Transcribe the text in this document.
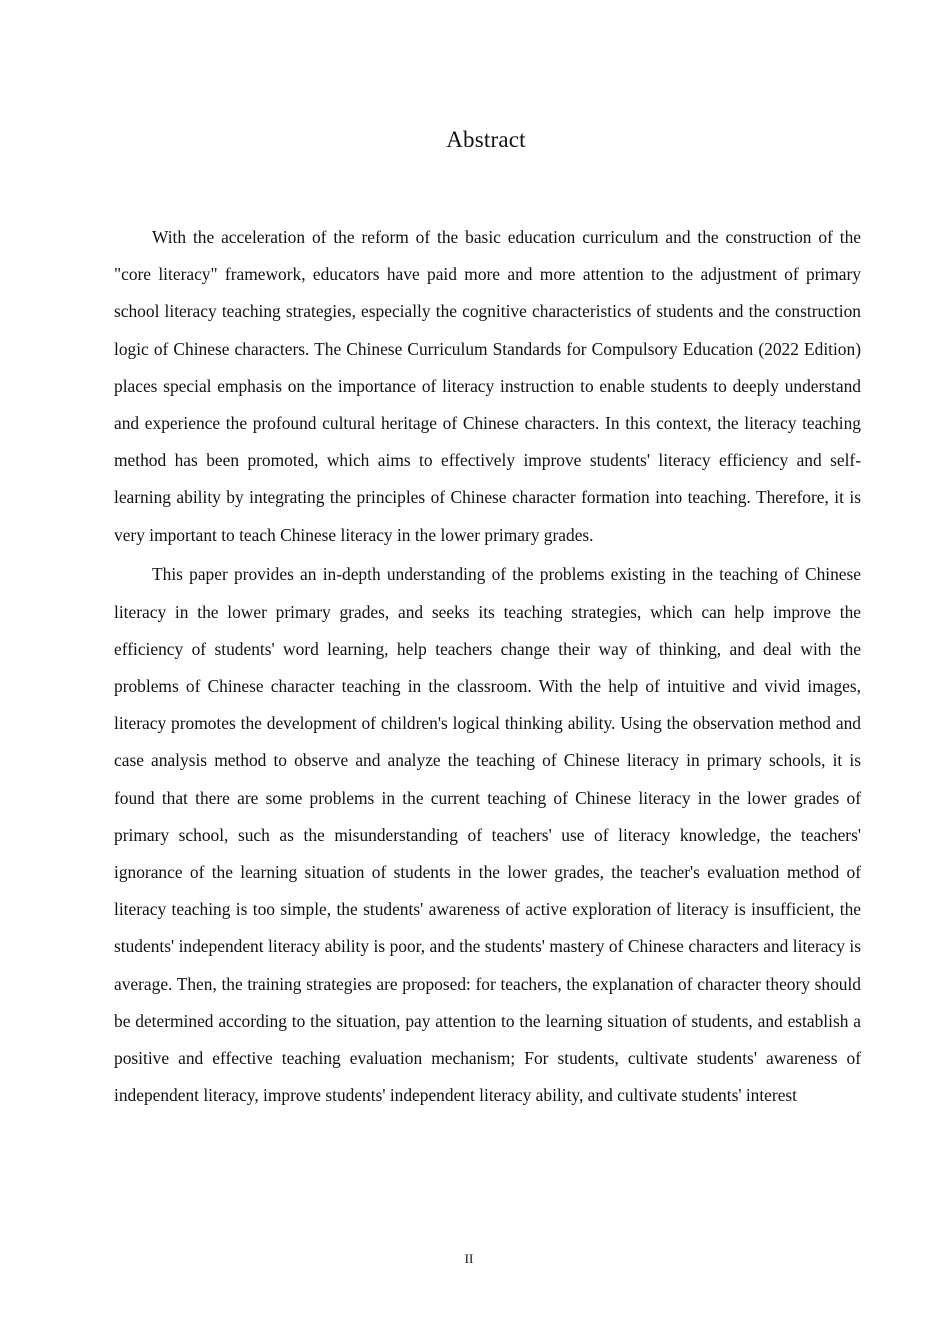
Abstract

With the acceleration of the reform of the basic education curriculum and the construction of the "core literacy" framework, educators have paid more and more attention to the adjustment of primary school literacy teaching strategies, especially the cognitive characteristics of students and the construction logic of Chinese characters. The Chinese Curriculum Standards for Compulsory Education (2022 Edition) places special emphasis on the importance of literacy instruction to enable students to deeply understand and experience the profound cultural heritage of Chinese characters. In this context, the literacy teaching method has been promoted, which aims to effectively improve students' literacy efficiency and self-learning ability by integrating the principles of Chinese character formation into teaching. Therefore, it is very important to teach Chinese literacy in the lower primary grades.

This paper provides an in-depth understanding of the problems existing in the teaching of Chinese literacy in the lower primary grades, and seeks its teaching strategies, which can help improve the efficiency of students' word learning, help teachers change their way of thinking, and deal with the problems of Chinese character teaching in the classroom. With the help of intuitive and vivid images, literacy promotes the development of children's logical thinking ability. Using the observation method and case analysis method to observe and analyze the teaching of Chinese literacy in primary schools, it is found that there are some problems in the current teaching of Chinese literacy in the lower grades of primary school, such as the misunderstanding of teachers' use of literacy knowledge, the teachers' ignorance of the learning situation of students in the lower grades, the teacher's evaluation method of literacy teaching is too simple, the students' awareness of active exploration of literacy is insufficient, the students' independent literacy ability is poor, and the students' mastery of Chinese characters and literacy is average. Then, the training strategies are proposed: for teachers, the explanation of character theory should be determined according to the situation, pay attention to the learning situation of students, and establish a positive and effective teaching evaluation mechanism; For students, cultivate students' awareness of independent literacy, improve students' independent literacy ability, and cultivate students' interest

II
